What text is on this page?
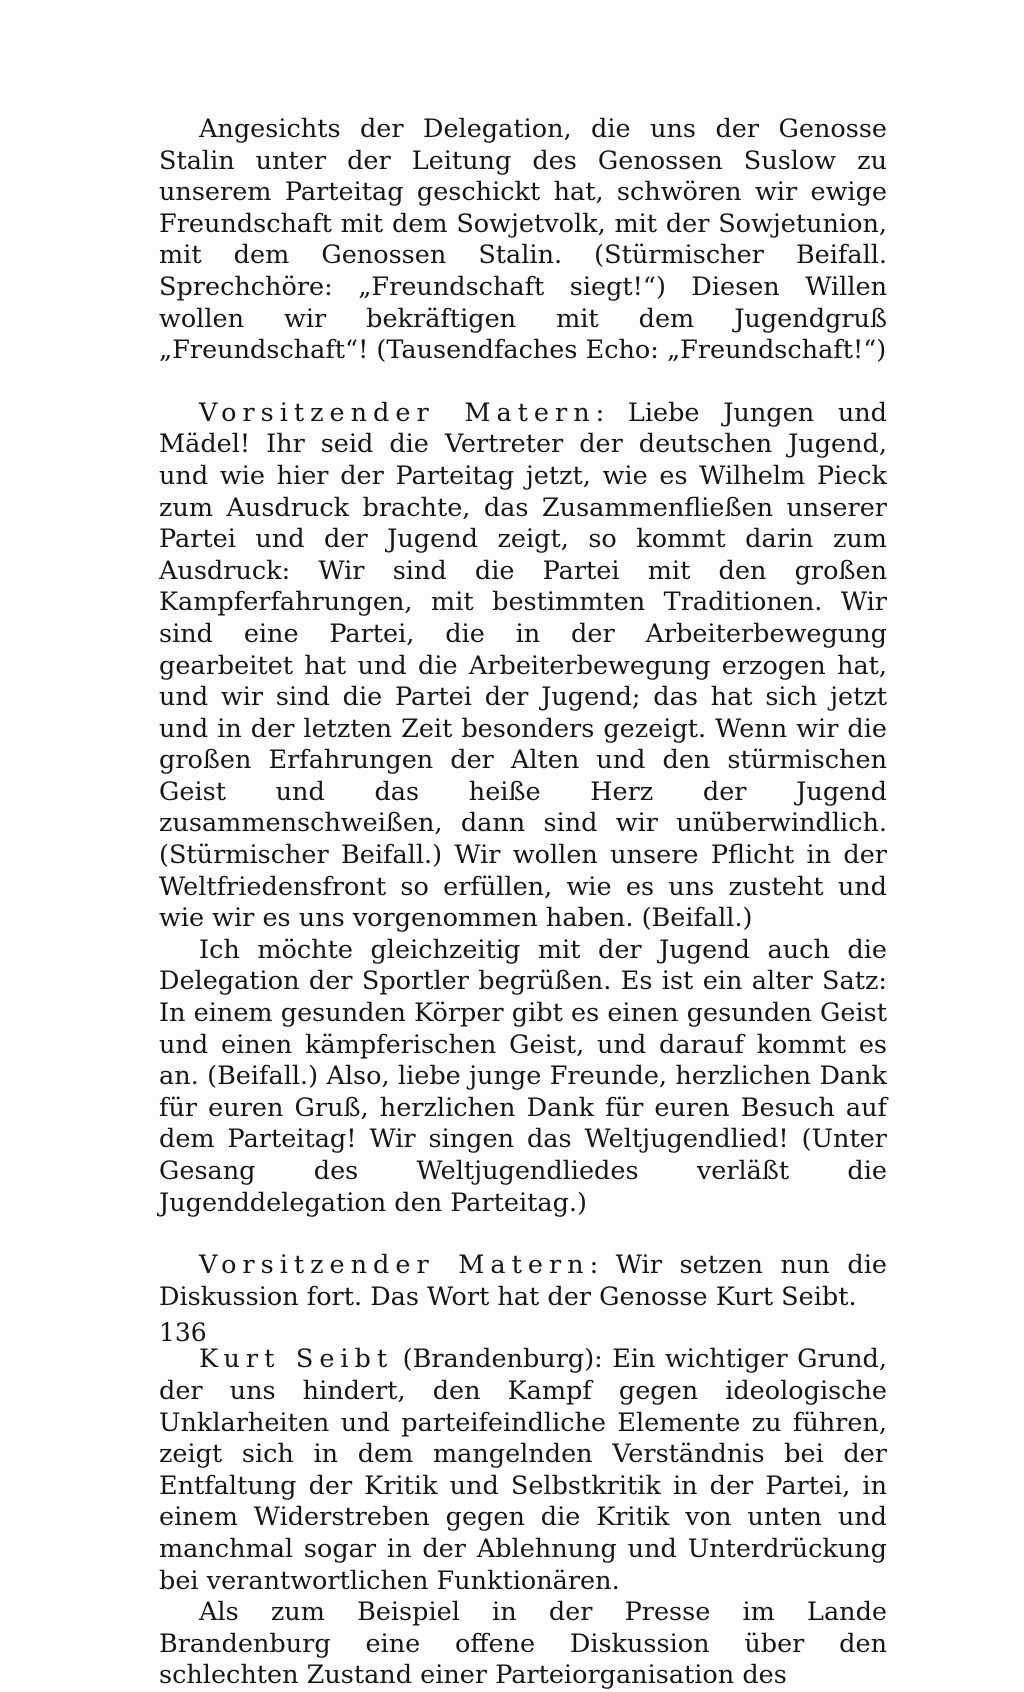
Angesichts der Delegation, die uns der Genosse Stalin unter der Leitung des Genossen Suslow zu unserem Parteitag geschickt hat, schwören wir ewige Freundschaft mit dem Sowjetvolk, mit der Sowjetunion, mit dem Genossen Stalin. (Stürmischer Beifall. Sprechchöre: „Freundschaft siegt!“) Diesen Willen wollen wir bekräftigen mit dem Jugendgruß „Freundschaft“! (Tausendfaches Echo: „Freundschaft!“)

Vorsitzender Matern: Liebe Jungen und Mädel! Ihr seid die Vertreter der deutschen Jugend, und wie hier der Parteitag jetzt, wie es Wilhelm Pieck zum Ausdruck brachte, das Zusammenfließen unserer Partei und der Jugend zeigt, so kommt darin zum Ausdruck: Wir sind die Partei mit den großen Kampferfahrungen, mit bestimmten Traditionen. Wir sind eine Partei, die in der Arbeiterbewegung gearbeitet hat und die Arbeiterbewegung erzogen hat, und wir sind die Partei der Jugend; das hat sich jetzt und in der letzten Zeit besonders gezeigt. Wenn wir die großen Erfahrungen der Alten und den stürmischen Geist und das heiße Herz der Jugend zusammenschweißen, dann sind wir unüberwindlich. (Stürmischer Beifall.) Wir wollen unsere Pflicht in der Weltfriedensfront so erfüllen, wie es uns zusteht und wie wir es uns vorgenommen haben. (Beifall.)

Ich möchte gleichzeitig mit der Jugend auch die Delegation der Sportler begrüßen. Es ist ein alter Satz: In einem gesunden Körper gibt es einen gesunden Geist und einen kämpferischen Geist, und darauf kommt es an. (Beifall.) Also, liebe junge Freunde, herzlichen Dank für euren Gruß, herzlichen Dank für euren Besuch auf dem Parteitag! Wir singen das Weltjugendlied! (Unter Gesang des Weltjugendliedes verläßt die Jugenddelegation den Parteitag.)

Vorsitzender Matern: Wir setzen nun die Diskussion fort. Das Wort hat der Genosse Kurt Seibt.

Kurt Seibt (Brandenburg): Ein wichtiger Grund, der uns hindert, den Kampf gegen ideologische Unklarheiten und parteifeindliche Elemente zu führen, zeigt sich in dem mangelnden Verständnis bei der Entfaltung der Kritik und Selbstkritik in der Partei, in einem Widerstreben gegen die Kritik von unten und manchmal sogar in der Ablehnung und Unterdrückung bei verantwortlichen Funktionären.

Als zum Beispiel in der Presse im Lande Brandenburg eine offene Diskussion über den schlechten Zustand einer Parteiorganisation des

136
